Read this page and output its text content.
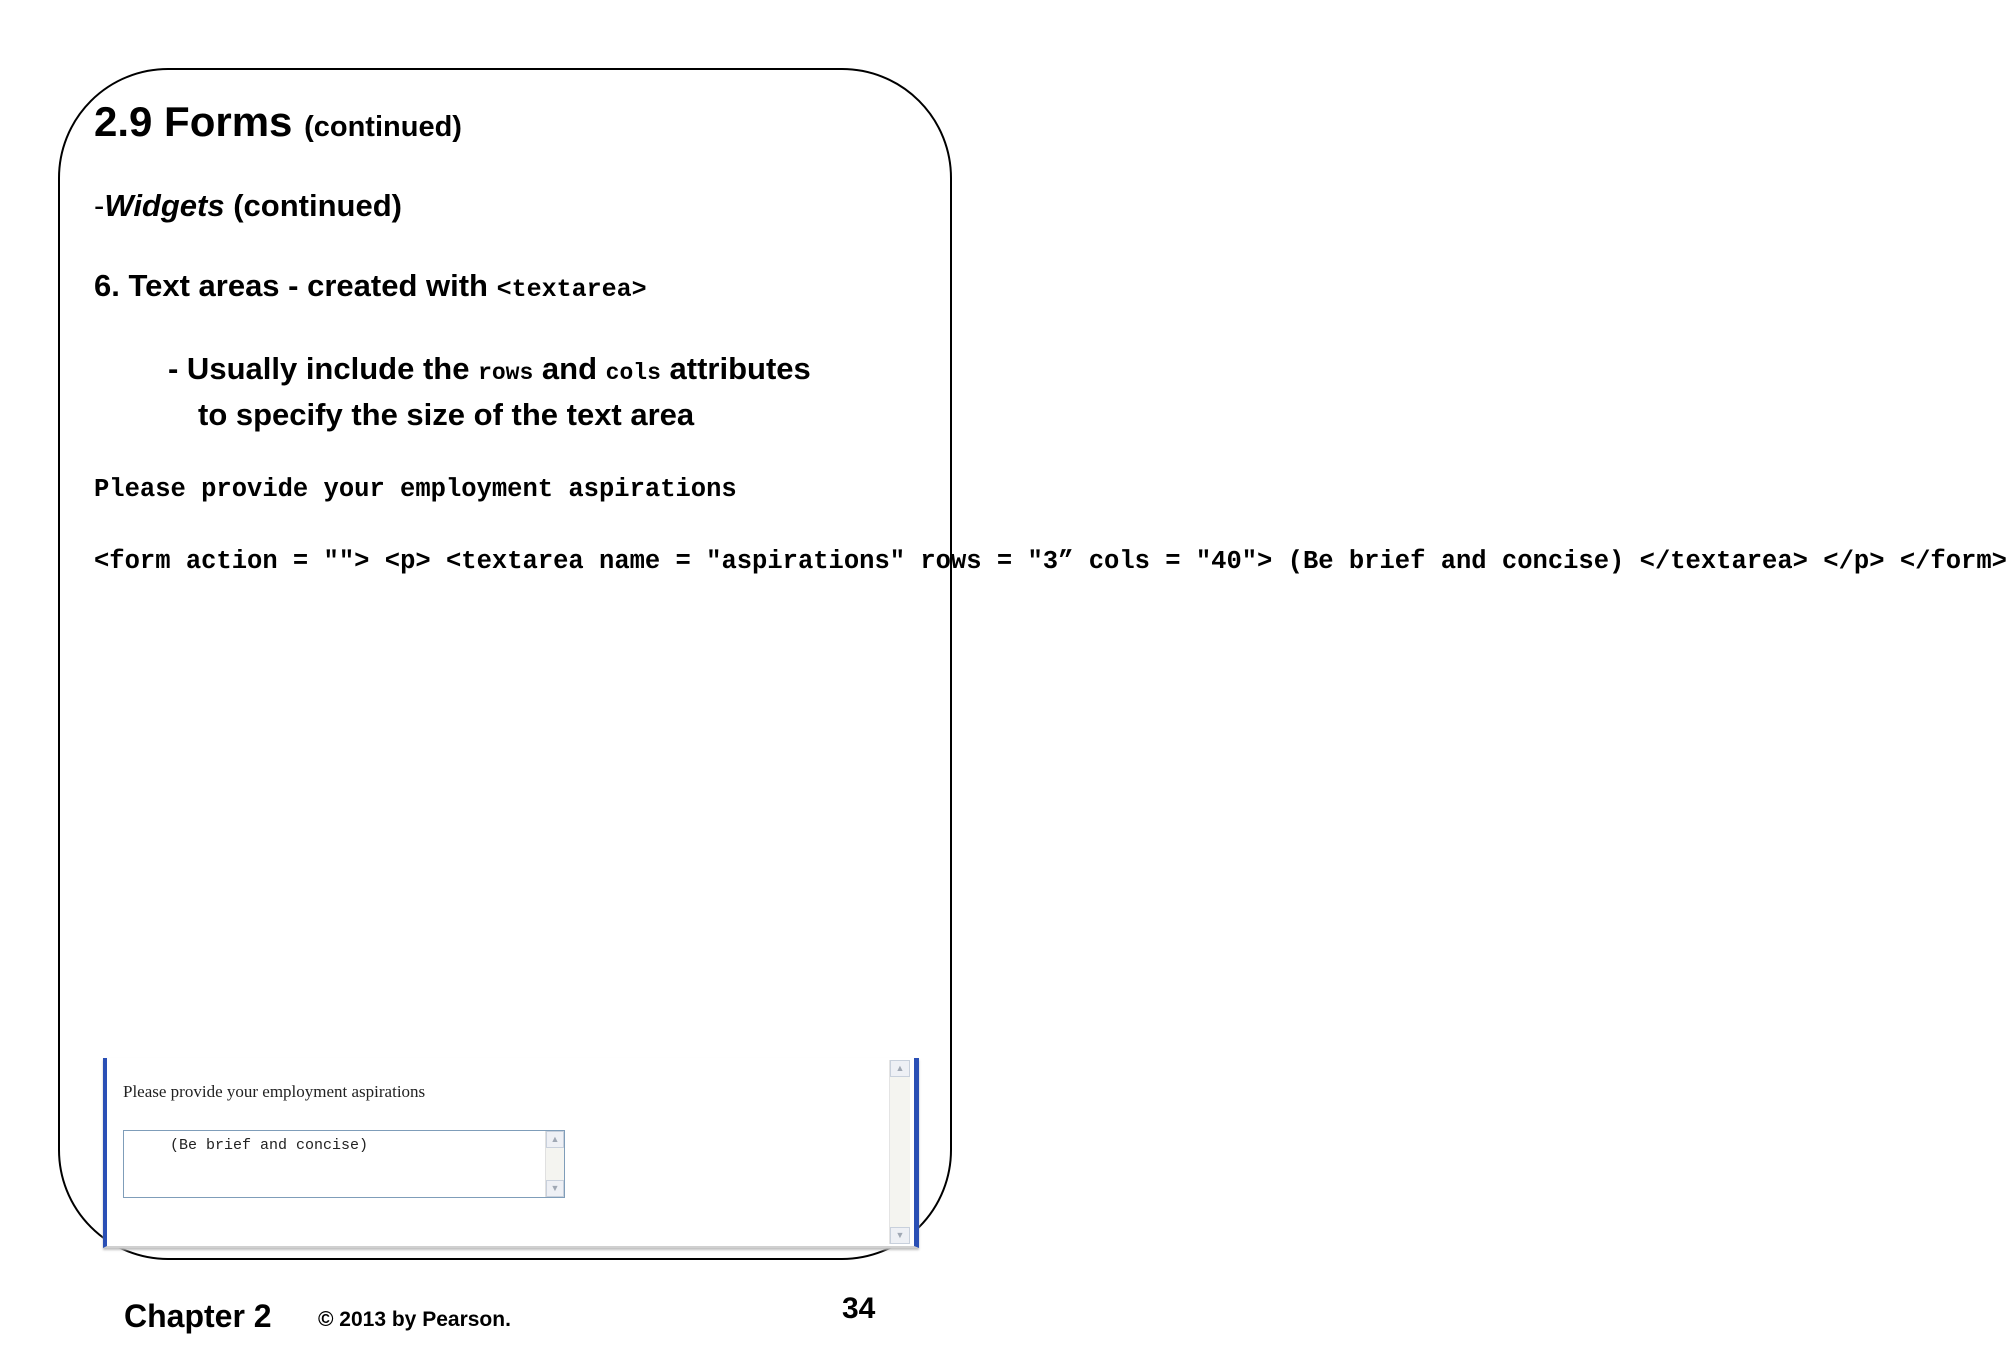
2.9 Forms (continued)
-Widgets (continued)
6. Text areas - created with <textarea>
- Usually include the rows and cols attributes
to specify the size of the text area
Please provide your employment aspirations
<form action = ""> <p> <textarea name = "aspirations" rows = "3” cols = "40"> (Be brief and concise) </textarea> </p> </form>
Please provide your employment aspirations
(Be brief and concise)	▲
▼
▲
▼
Chapter 2 © 2013 by Pearson.	34
